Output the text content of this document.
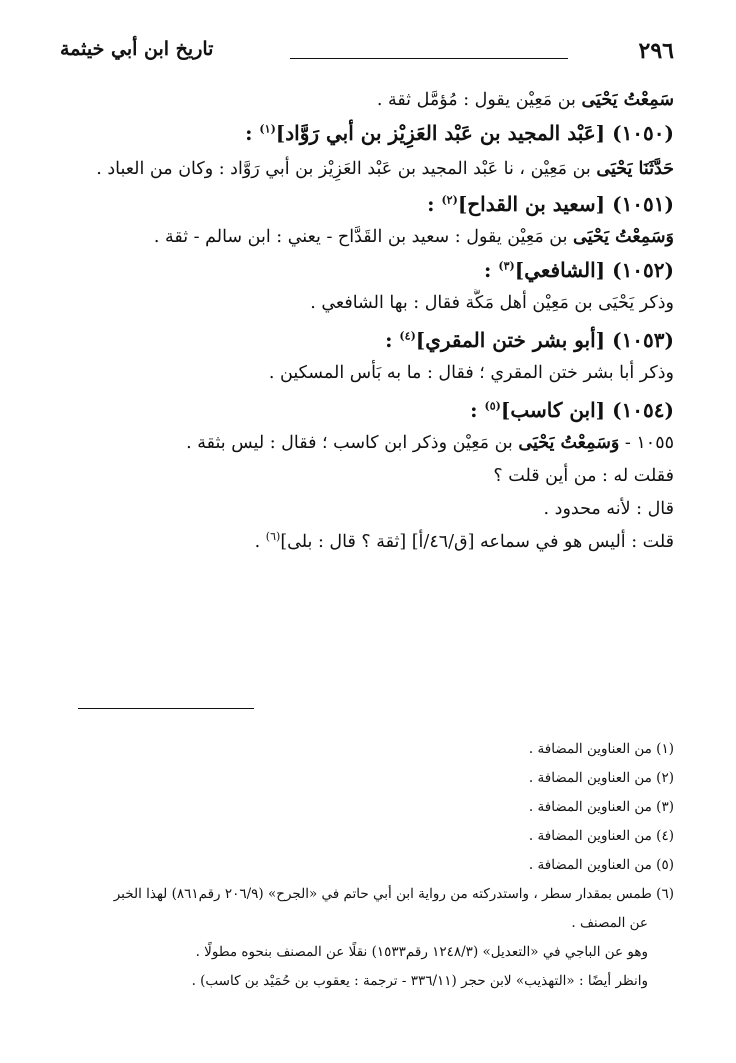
٢٩٦
تاريخ ابن أبي خيثمة
سَمِعْتُ يَحْيَى بن مَعِيْن يقول : مُؤمَّل ثقة .
(١٠٥٠) [عَبْد المجيد بن عَبْد العَزِيْز بن أبي رَوَّاد]$^{(١)}$ :
حَدَّثَنَا يَحْيَى بن مَعِيْن ، نا عَبْد المجيد بن عَبْد العَزِيْز بن أبي رَوَّاد : وكان من العباد .
(١٠٥١) [سعيد بن القداح]$^{(٢)}$ :
وَسَمِعْتُ يَحْيَى بن مَعِيْن يقول : سعيد بن القَدَّاح - يعني : ابن سالم - ثقة .
(١٠٥٢) [الشافعي]$^{(٣)}$ :
وذكر يَحْيَى بن مَعِيْن أهل مَكَّة فقال : بها الشافعي .
(١٠٥٣) [أبو بشر ختن المقري]$^{(٤)}$ :
وذكر أبا بشر ختن المقري ؛ فقال : ما به بَأْس المسكين .
(١٠٥٤) [ابن كاسب]$^{(٥)}$ :
١٠٥٥ - وَسَمِعْتُ يَحْيَى بن مَعِيْن وذكر ابن كاسب ؛ فقال : ليس بثقة .
فقلت له : من أين قلت ؟
قال : لأنه محدود .
قلت : أليس هو في سماعه [ق/٤٦/أ] [ثقة ؟ قال : بلى]$^{(٦)}$ .
(١) من العناوين المضافة .
(٢) من العناوين المضافة .
(٣) من العناوين المضافة .
(٤) من العناوين المضافة .
(٥) من العناوين المضافة .
(٦) طمس بمقدار سطر ، واستدركته من رواية ابن أبي حاتم في «الجرح» (٢٠٦/٩ رقم٨٦١) لهذا الخبر
عن المصنف .
وهو عن الباجي في «التعديل» (١٢٤٨/٣ رقم١٥٣٣) نقلًا عن المصنف بنحوه مطولًا .
وانظر أيضًا : «التهذيب» لابن حجر (٣٣٦/١١ - ترجمة : يعقوب بن حُمَيْد بن كاسب) .
